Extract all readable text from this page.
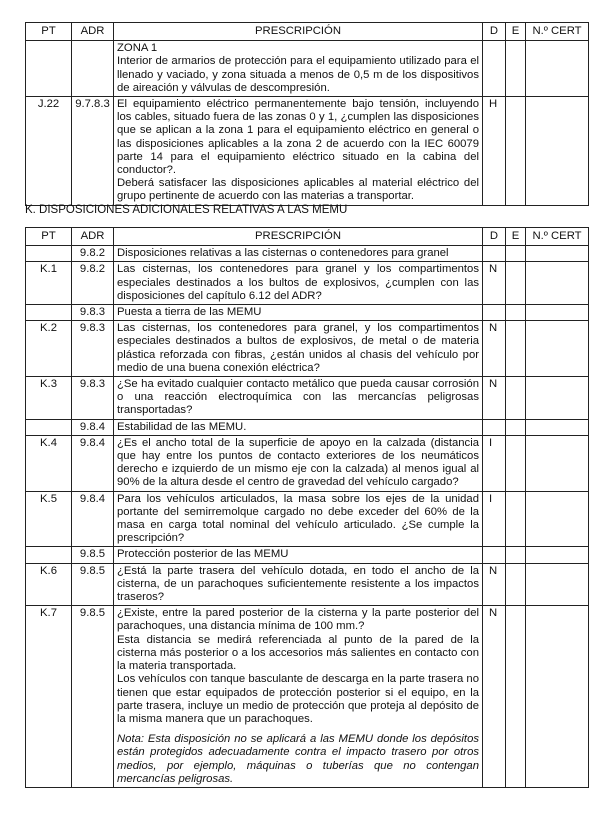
PT	ADR	PRESCRIPCIÓN	D	E	N.º CERT

		ZONA 1
Interior de armarios de protección para el equipamiento utilizado para el llenado y vaciado, y zona situada a menos de 0,5 m de los dispositivos de aireación y válvulas de descompresión.			

J.22	9.7.8.3	El equipamiento eléctrico permanentemente bajo tensión, incluyendo los cables, situado fuera de las zonas 0 y 1, ¿cumplen las disposiciones que se aplican a la zona 1 para el equipamiento eléctrico en general o las disposiciones aplicables a la zona 2 de acuerdo con la IEC 60079 parte 14 para el equipamiento eléctrico situado en la cabina del conductor?.
Deberá satisfacer las disposiciones aplicables al material eléctrico del grupo pertinente de acuerdo con las materias a transportar.	H		
K. DISPOSICIONES ADICIONALES RELATIVAS A LAS MEMU
PT	ADR	PRESCRIPCIÓN	D	E	N.º CERT
	9.8.2	Disposiciones relativas a las cisternas o contenedores para granel			

K.1	9.8.2	Las cisternas, los contenedores para granel y los compartimentos especiales destinados a los bultos de explosivos, ¿cumplen con las disposiciones del capítulo 6.12 del ADR?	N		
	9.8.3	Puesta a tierra de las MEMU			

K.2	9.8.3	Las cisternas, los contenedores para granel, y los compartimentos especiales destinados a bultos de explosivos, de metal o de materia plástica reforzada con fibras, ¿están unidos al chasis del vehículo por medio de una buena conexión eléctrica?	N		
K.3	9.8.3	¿Se ha evitado cualquier contacto metálico que pueda causar corrosión o una reacción electroquímica con las mercancías peligrosas transportadas?	N		
	9.8.4	Estabilidad de las MEMU.			

K.4	9.8.4	¿Es el ancho total de la superficie de apoyo en la calzada (distancia que hay entre los puntos de contacto exteriores de los neumáticos derecho e izquierdo de un mismo eje con la calzada) al menos igual al 90% de la altura desde el centro de gravedad del vehículo cargado?	I		
K.5	9.8.4	Para los vehículos articulados, la masa sobre los ejes de la unidad portante del semirremolque cargado no debe exceder del 60% de la masa en carga total nominal del vehículo articulado. ¿Se cumple la prescripción?	I		
	9.8.5	Protección posterior de las MEMU			

K.6	9.8.5	¿Está la parte trasera del vehículo dotada, en todo el ancho de la cisterna, de un parachoques suficientemente resistente a los impactos traseros?	N		
K.7	9.8.5	¿Existe, entre la pared posterior de la cisterna y la parte posterior del parachoques, una distancia mínima de 100 mm.?
Esta distancia se medirá referenciada al punto de la pared de la cisterna más posterior o a los accesorios más salientes en contacto con la materia transportada.
Los vehículos con tanque basculante de descarga en la parte trasera no tienen que estar equipados de protección posterior si el equipo, en la parte trasera, incluye un medio de protección que proteja al depósito de la misma manera que un parachoques.
Nota: Esta disposición no se aplicará a las MEMU donde los depósitos están protegidos adecuadamente contra el impacto trasero por otros medios, por ejemplo, máquinas o tuberías que no contengan mercancías peligrosas.	N		
